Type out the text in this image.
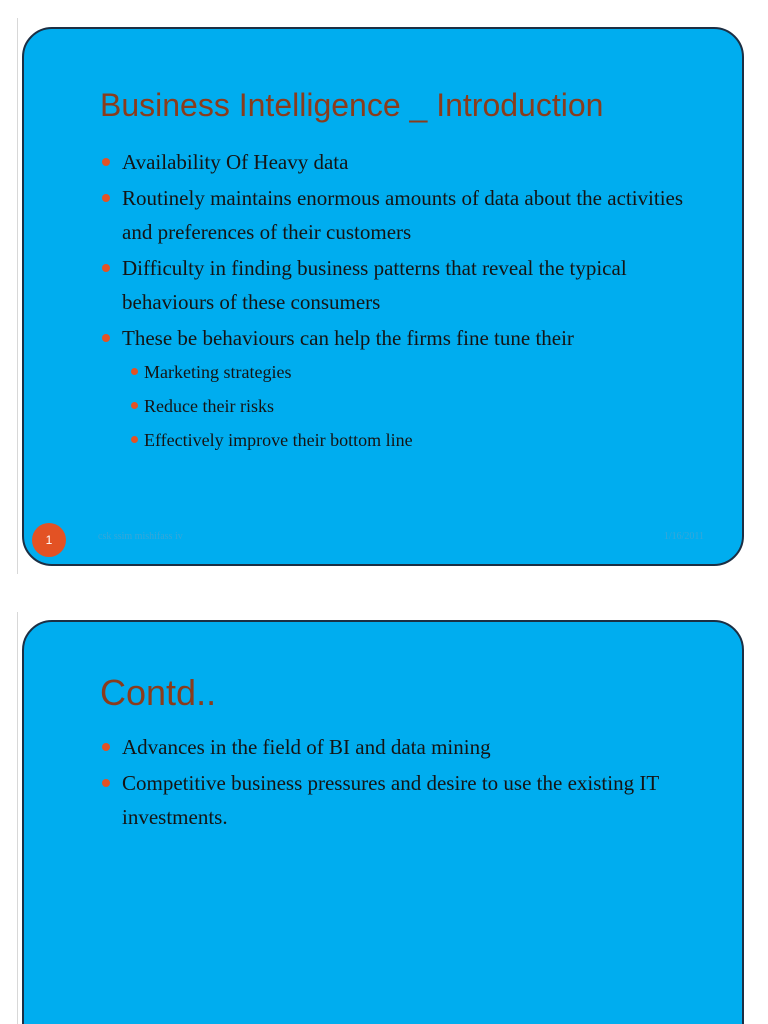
Business Intelligence _ Introduction
Availability Of Heavy data
Routinely maintains enormous amounts of data about the activities and preferences of their customers
Difficulty in finding business patterns that reveal the typical behaviours of these consumers
These be behaviours can help the firms fine tune their
Marketing strategies
Reduce their risks
Effectively improve their bottom line
1	csk ssim mishifass iv	1/16/2011
Contd..
Advances in the field of BI and data mining
Competitive business pressures and desire to use the existing IT investments.
